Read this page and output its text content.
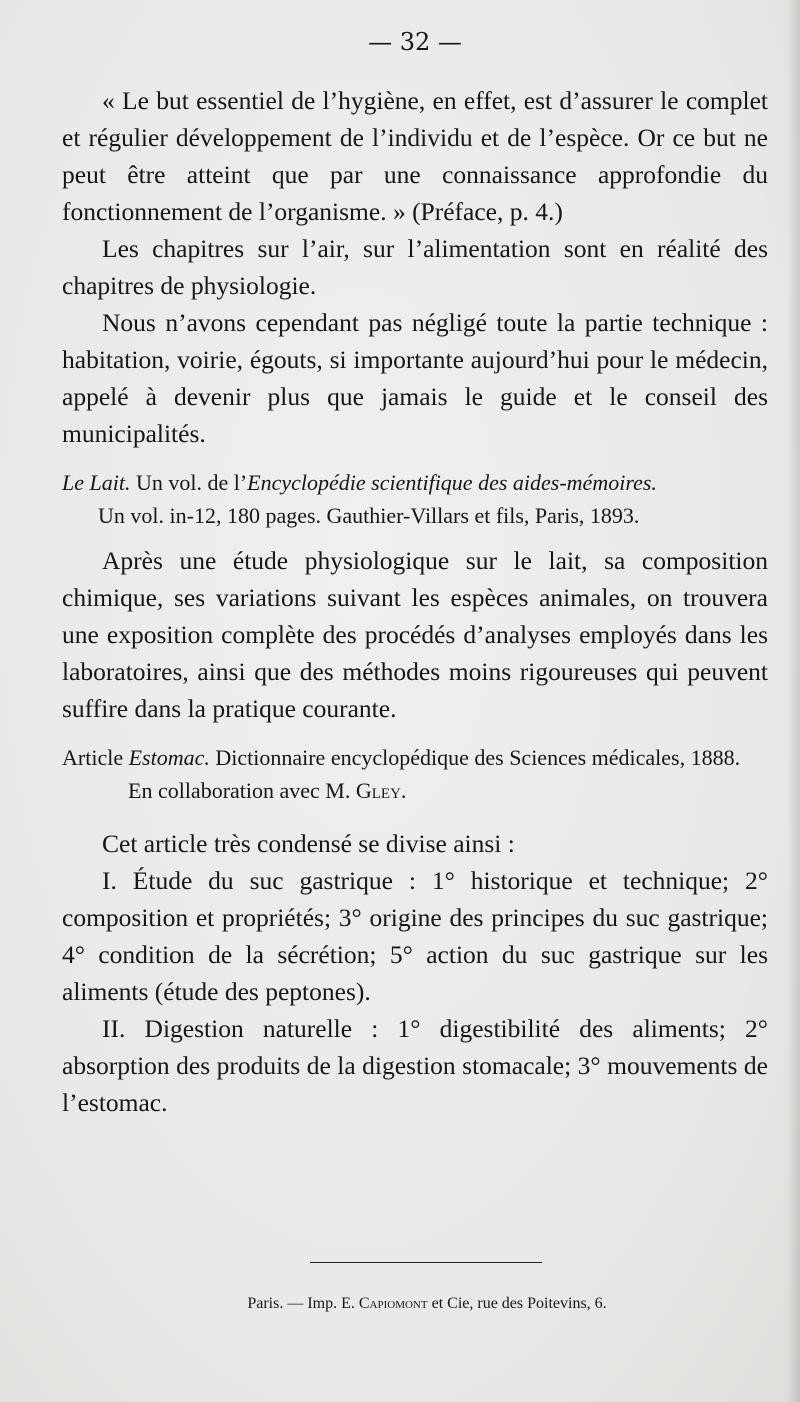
— 32 —

« Le but essentiel de l’hygiène, en effet, est d’assurer le complet et régulier développement de l’individu et de l’espèce. Or ce but ne peut être atteint que par une connaissance approfondie du fonctionnement de l’organisme. » (Préface, p. 4.)

Les chapitres sur l’air, sur l’alimentation sont en réalité des chapitres de physiologie.

Nous n’avons cependant pas négligé toute la partie technique : habitation, voirie, égouts, si importante aujourd’hui pour le médecin, appelé à devenir plus que jamais le guide et le conseil des municipalités.

Le Lait. Un vol. de l’Encyclopédie scientifique des aides-mémoires.
Un vol. in-12, 180 pages. Gauthier-Villars et fils, Paris, 1893.

Après une étude physiologique sur le lait, sa composition chimique, ses variations suivant les espèces animales, on trouvera une exposition complète des procédés d’analyses employés dans les laboratoires, ainsi que des méthodes moins rigoureuses qui peuvent suffire dans la pratique courante.

Article Estomac. Dictionnaire encyclopédique des Sciences médicales, 1888.
En collaboration avec M. Gley.

Cet article très condensé se divise ainsi :

I. Étude du suc gastrique : 1° historique et technique; 2° composition et propriétés; 3° origine des principes du suc gastrique; 4° condition de la sécrétion; 5° action du suc gastrique sur les aliments (étude des peptones).

II. Digestion naturelle : 1° digestibilité des aliments; 2° absorption des produits de la digestion stomacale; 3° mouvements de l’estomac.

Paris. — Imp. E. Capiomont et Cie, rue des Poitevins, 6.
